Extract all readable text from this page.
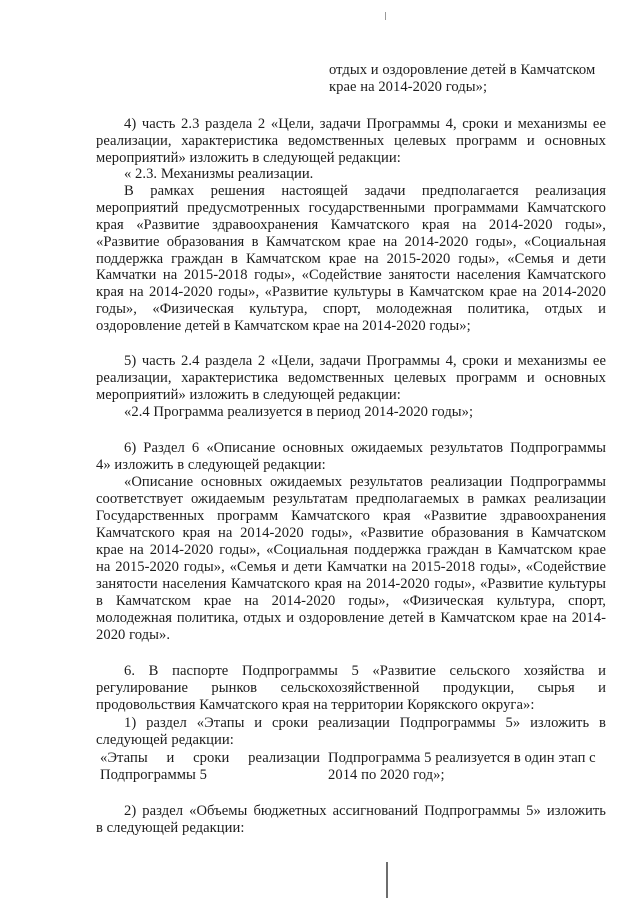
отдых и оздоровление детей в Камчатском
крае на 2014-2020 годы»;
4) часть 2.3 раздела 2 «Цели, задачи Программы 4, сроки и механизмы ее
реализации, характеристика ведомственных целевых программ и основных
мероприятий» изложить в следующей редакции:
« 2.3. Механизмы реализации.
В рамках решения настоящей задачи предполагается реализация
мероприятий предусмотренных государственными программами Камчатского
края «Развитие здравоохранения Камчатского края на 2014-2020 годы»,
«Развитие образования в Камчатском крае на 2014-2020 годы», «Социальная
поддержка граждан в Камчатском крае на 2015-2020 годы», «Семья и дети
Камчатки на 2015-2018 годы», «Содействие занятости населения Камчатского
края на 2014-2020 годы», «Развитие культуры в Камчатском крае на 2014-2020
годы», «Физическая культура, спорт, молодежная политика, отдых и
оздоровление детей в Камчатском крае на 2014-2020 годы»;
5) часть 2.4 раздела 2 «Цели, задачи Программы 4, сроки и механизмы ее
реализации, характеристика ведомственных целевых программ и основных
мероприятий» изложить в следующей редакции:
«2.4 Программа реализуется в период 2014-2020 годы»;
6) Раздел 6 «Описание основных ожидаемых результатов Подпрограммы
4» изложить в следующей редакции:
«Описание основных ожидаемых результатов реализации Подпрограммы
соответствует ожидаемым результатам предполагаемых в рамках реализации
Государственных программ Камчатского края «Развитие здравоохранения
Камчатского края на 2014-2020 годы», «Развитие образования в Камчатском
крае на 2014-2020 годы», «Социальная поддержка граждан в Камчатском крае
на 2015-2020 годы», «Семья и дети Камчатки на 2015-2018 годы», «Содействие
занятости населения Камчатского края на 2014-2020 годы», «Развитие культуры
в Камчатском крае на 2014-2020 годы», «Физическая культура, спорт,
молодежная политика, отдых и оздоровление детей в Камчатском крае на 2014-
2020 годы».
6. В паспорте Подпрограммы 5 «Развитие сельского хозяйства и
регулирование рынков сельскохозяйственной продукции, сырья и
продовольствия Камчатского края на территории Корякского округа»:
1) раздел «Этапы и сроки реализации Подпрограммы 5» изложить в
следующей редакции:
«Этапы и сроки реализации Подпрограмма 5 реализуется в один этап с
Подпрограммы 5	2014 по 2020 год»;
2) раздел «Объемы бюджетных ассигнований Подпрограммы 5» изложить
в следующей редакции:
